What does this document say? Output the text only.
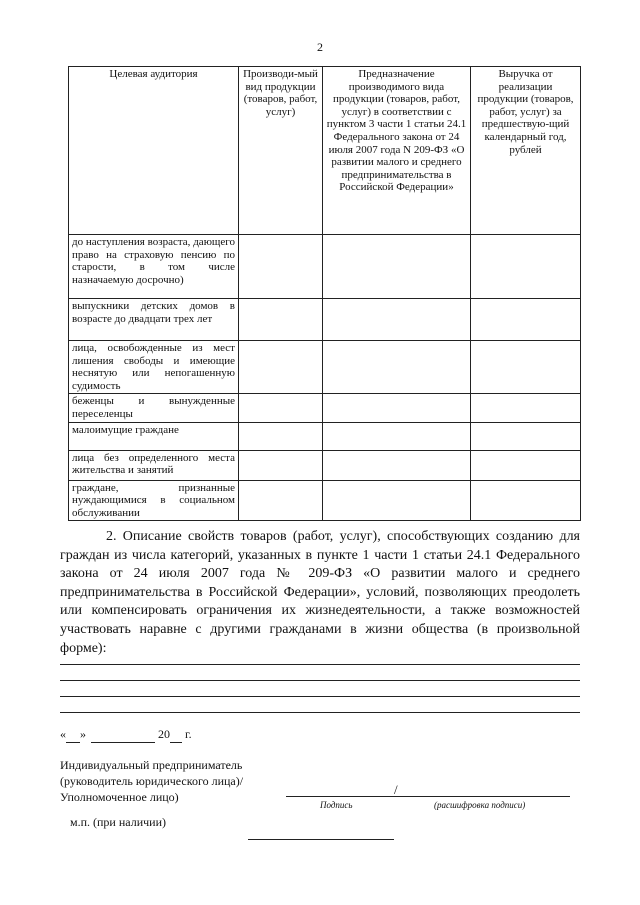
2
Целевая аудитория	Производи-мый вид продукции (товаров, работ, услуг)	Предназначение производимого вида продукции (товаров, работ, услуг) в соответствии с пунктом 3 части 1 статьи 24.1 Федерального закона от 24 июля 2007 года N 209-ФЗ «О развитии малого и среднего предпринимательства в Российской Федерации»	Выручка от реализации продукции (товаров, работ, услуг) за предшествую-щий календарный год, рублей
до наступления возраста, дающего право на страховую пенсию по старости, в том числе назначаемую досрочно)			
выпускники детских домов в возрасте до двадцати трех лет			
лица, освобожденные из мест лишения свободы и имеющие неснятую или непогашенную судимость			
беженцы и вынужденные переселенцы			
малоимущие граждане			
лица без определенного места жительства и занятий			
граждане, признанные нуждающимися в социальном обслуживании			
2. Описание свойств товаров (работ, услуг), способствующих созданию для граждан из числа категорий, указанных в пункте 1 части 1 статьи 24.1 Федерального закона от 24 июля 2007 года № 209-ФЗ «О развитии малого и среднего предпринимательства в Российской Федерации», условий, позволяющих преодолеть или компенсировать ограничения их жизнедеятельности, а также возможностей участвовать наравне с другими гражданами в жизни общества (в произвольной форме):
« »	20  г.
Индивидуальный предприниматель
(руководитель юридического лица)/
Уполномоченное лицо)	/
Подпись	(расшифровка подписи)
м.п. (при наличии)
